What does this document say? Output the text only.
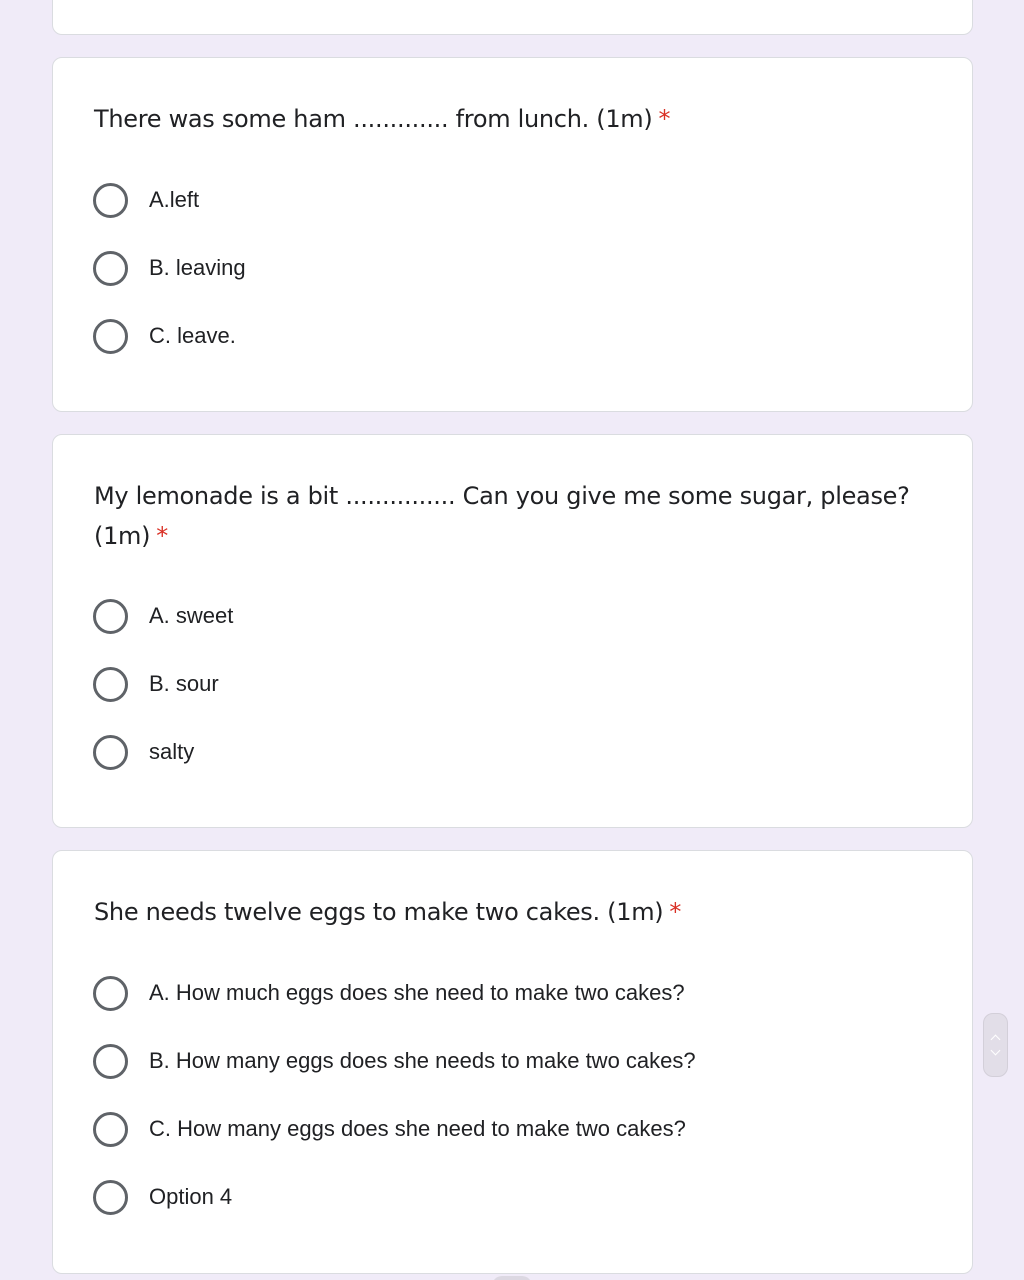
There was some ham ............. from lunch. (1m) *
A.left
B. leaving
C. leave.
My lemonade is a bit ............... Can you give me some sugar, please? (1m) *
A. sweet
B. sour
salty
She needs twelve eggs to make two cakes. (1m) *
A. How much eggs does she need to make two cakes?
B. How many eggs does she needs to make two cakes?
C. How many eggs does she need to make two cakes?
Option 4
